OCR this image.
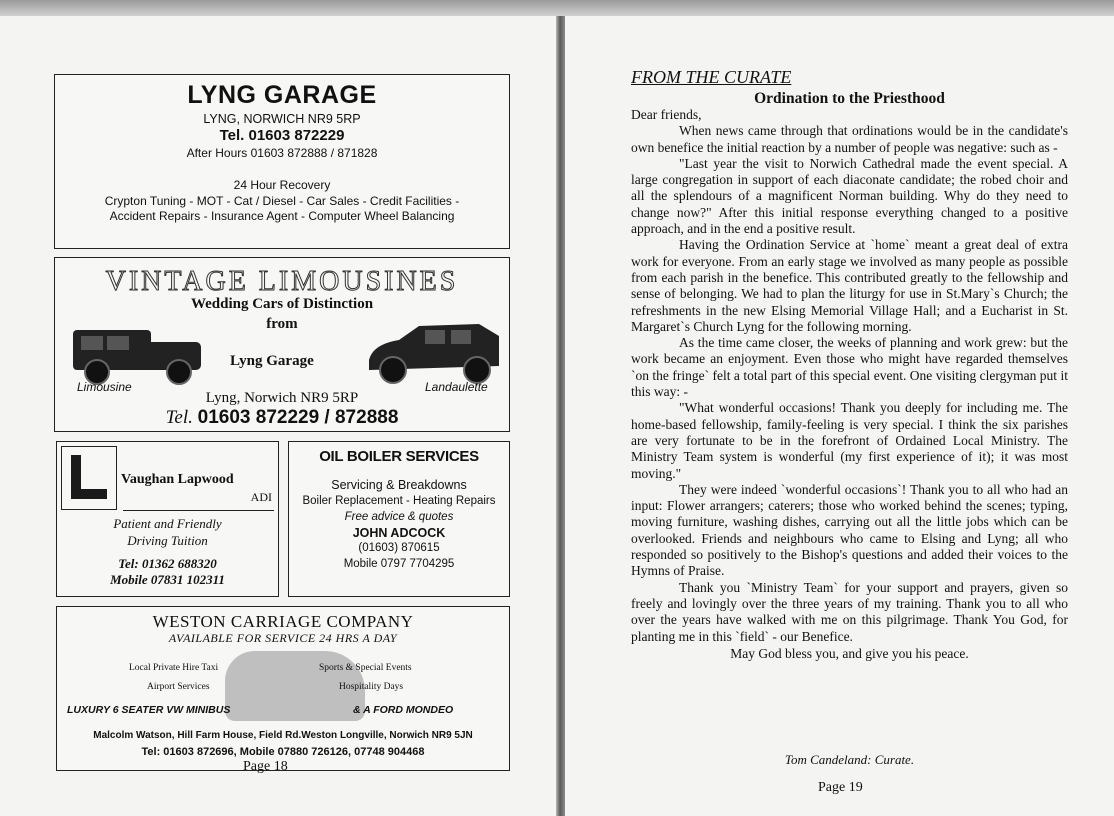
LYNG GARAGE
LYNG, NORWICH NR9 5RP
Tel. 01603 872229
After Hours 01603 872888 / 871828
24 Hour Recovery
Crypton Tuning - MOT - Cat / Diesel - Car Sales - Credit Facilities -
Accident Repairs - Insurance Agent - Computer Wheel Balancing
VINTAGE LIMOUSINES
Wedding Cars of Distinction
from
Lyng Garage
Limousine	Landaulette
Lyng, Norwich NR9 5RP
Tel. 01603 872229 / 872888
Vaughan Lapwood
ADI
Patient and Friendly
Driving Tuition
Tel: 01362 688320
Mobile 07831 102311
OIL BOILER SERVICES
Servicing & Breakdowns
Boiler Replacement - Heating Repairs
Free advice & quotes
JOHN ADCOCK
(01603) 870615
Mobile 0797 7704295
WESTON CARRIAGE COMPANY
AVAILABLE FOR SERVICE 24 HRS A DAY
Local Private Hire Taxi	Sports & Special Events
Airport Services	Hospitality Days
LUXURY 6 SEATER VW MINIBUS	& A FORD MONDEO
Malcolm Watson, Hill Farm House, Field Rd.Weston Longville, Norwich NR9 5JN
Tel: 01603 872696, Mobile 07880 726126, 07748 904468
Page 18
FROM THE CURATE
Ordination to the Priesthood

Dear friends,

When news came through that ordinations would be in the candidate's own benefice the initial reaction by a number of people was negative: such as -

"Last year the visit to Norwich Cathedral made the event special. A large congregation in support of each diaconate candidate; the robed choir and all the splendours of a magnificent Norman building. Why do they need to change now?" After this initial response everything changed to a positive approach, and in the end a positive result.

Having the Ordination Service at `home` meant a great deal of extra work for everyone. From an early stage we involved as many people as possible from each parish in the benefice. This contributed greatly to the fellowship and sense of belonging. We had to plan the liturgy for use in St.Mary`s Church; the refreshments in the new Elsing Memorial Village Hall; and a Eucharist in St. Margaret`s Church Lyng for the following morning.

As the time came closer, the weeks of planning and work grew: but the work became an enjoyment. Even those who might have regarded themselves `on the fringe` felt a total part of this special event. One visiting clergyman put it this way: -

"What wonderful occasions! Thank you deeply for including me. The home-based fellowship, family-feeling is very special. I think the six parishes are very fortunate to be in the forefront of Ordained Local Ministry. The Ministry Team system is wonderful (my first experience of it); it was most moving."

They were indeed `wonderful occasions`! Thank you to all who had an input: Flower arrangers; caterers; those who worked behind the scenes; typing, moving furniture, washing dishes, carrying out all the little jobs which can be overlooked. Friends and neighbours who came to Elsing and Lyng; all who responded so positively to the Bishop's questions and added their voices to the Hymns of Praise.

Thank you `Ministry Team` for your support and prayers, given so freely and lovingly over the three years of my training. Thank you to all who over the years have walked with me on this pilgrimage. Thank You God, for planting me in this `field` - our Benefice.

May God bless you, and give you his peace.

Tom Candeland: Curate.
Page 19
